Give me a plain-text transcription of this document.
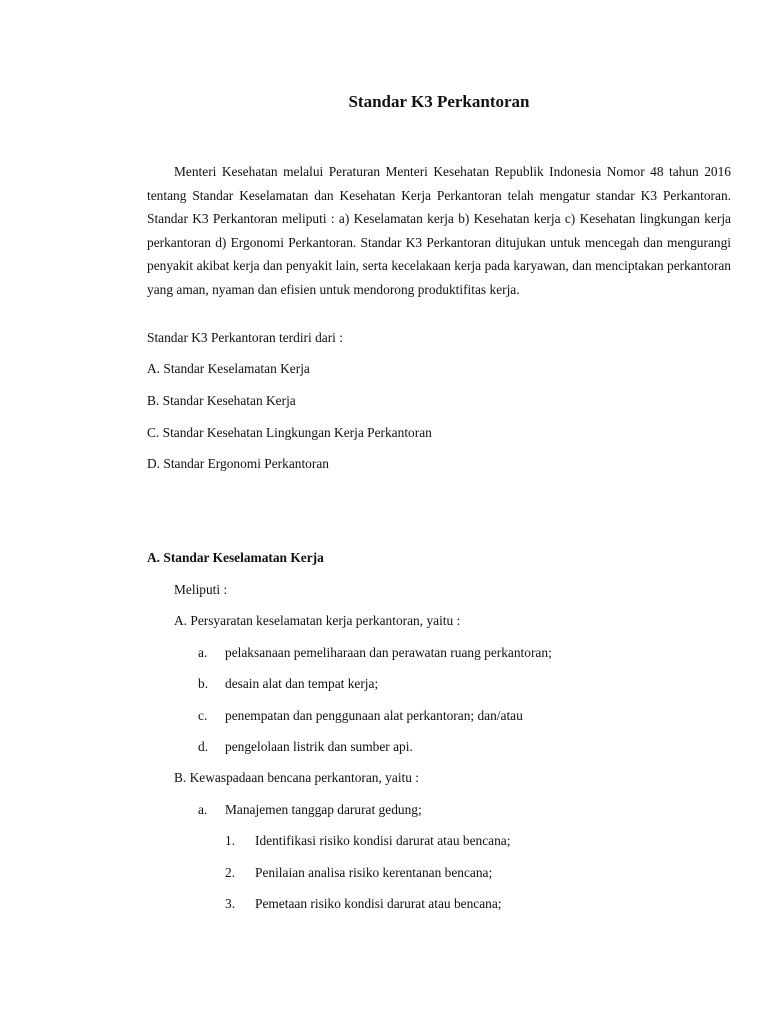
Standar K3 Perkantoran

Menteri Kesehatan melalui Peraturan Menteri Kesehatan Republik Indonesia Nomor 48 tahun 2016 tentang Standar Keselamatan dan Kesehatan Kerja Perkantoran telah mengatur standar K3 Perkantoran. Standar K3 Perkantoran meliputi : a) Keselamatan kerja b) Kesehatan kerja c) Kesehatan lingkungan kerja perkantoran d) Ergonomi Perkantoran. Standar K3 Perkantoran ditujukan untuk mencegah dan mengurangi penyakit akibat kerja dan penyakit lain, serta kecelakaan kerja pada karyawan, dan menciptakan perkantoran yang aman, nyaman dan efisien untuk mendorong produktifitas kerja.

Standar K3 Perkantoran terdiri dari :
A. Standar Keselamatan Kerja
B. Standar Kesehatan Kerja
C. Standar Kesehatan Lingkungan Kerja Perkantoran
D. Standar Ergonomi Perkantoran
A. Standar Keselamatan Kerja
Meliputi :
A. Persyaratan keselamatan kerja perkantoran, yaitu :
a. pelaksanaan pemeliharaan dan perawatan ruang perkantoran;
b. desain alat dan tempat kerja;
c. penempatan dan penggunaan alat perkantoran; dan/atau
d. pengelolaan listrik dan sumber api.
B. Kewaspadaan bencana perkantoran, yaitu :
a. Manajemen tanggap darurat gedung;
1. Identifikasi risiko kondisi darurat atau bencana;
2. Penilaian analisa risiko kerentanan bencana;
3. Pemetaan risiko kondisi darurat atau bencana;
